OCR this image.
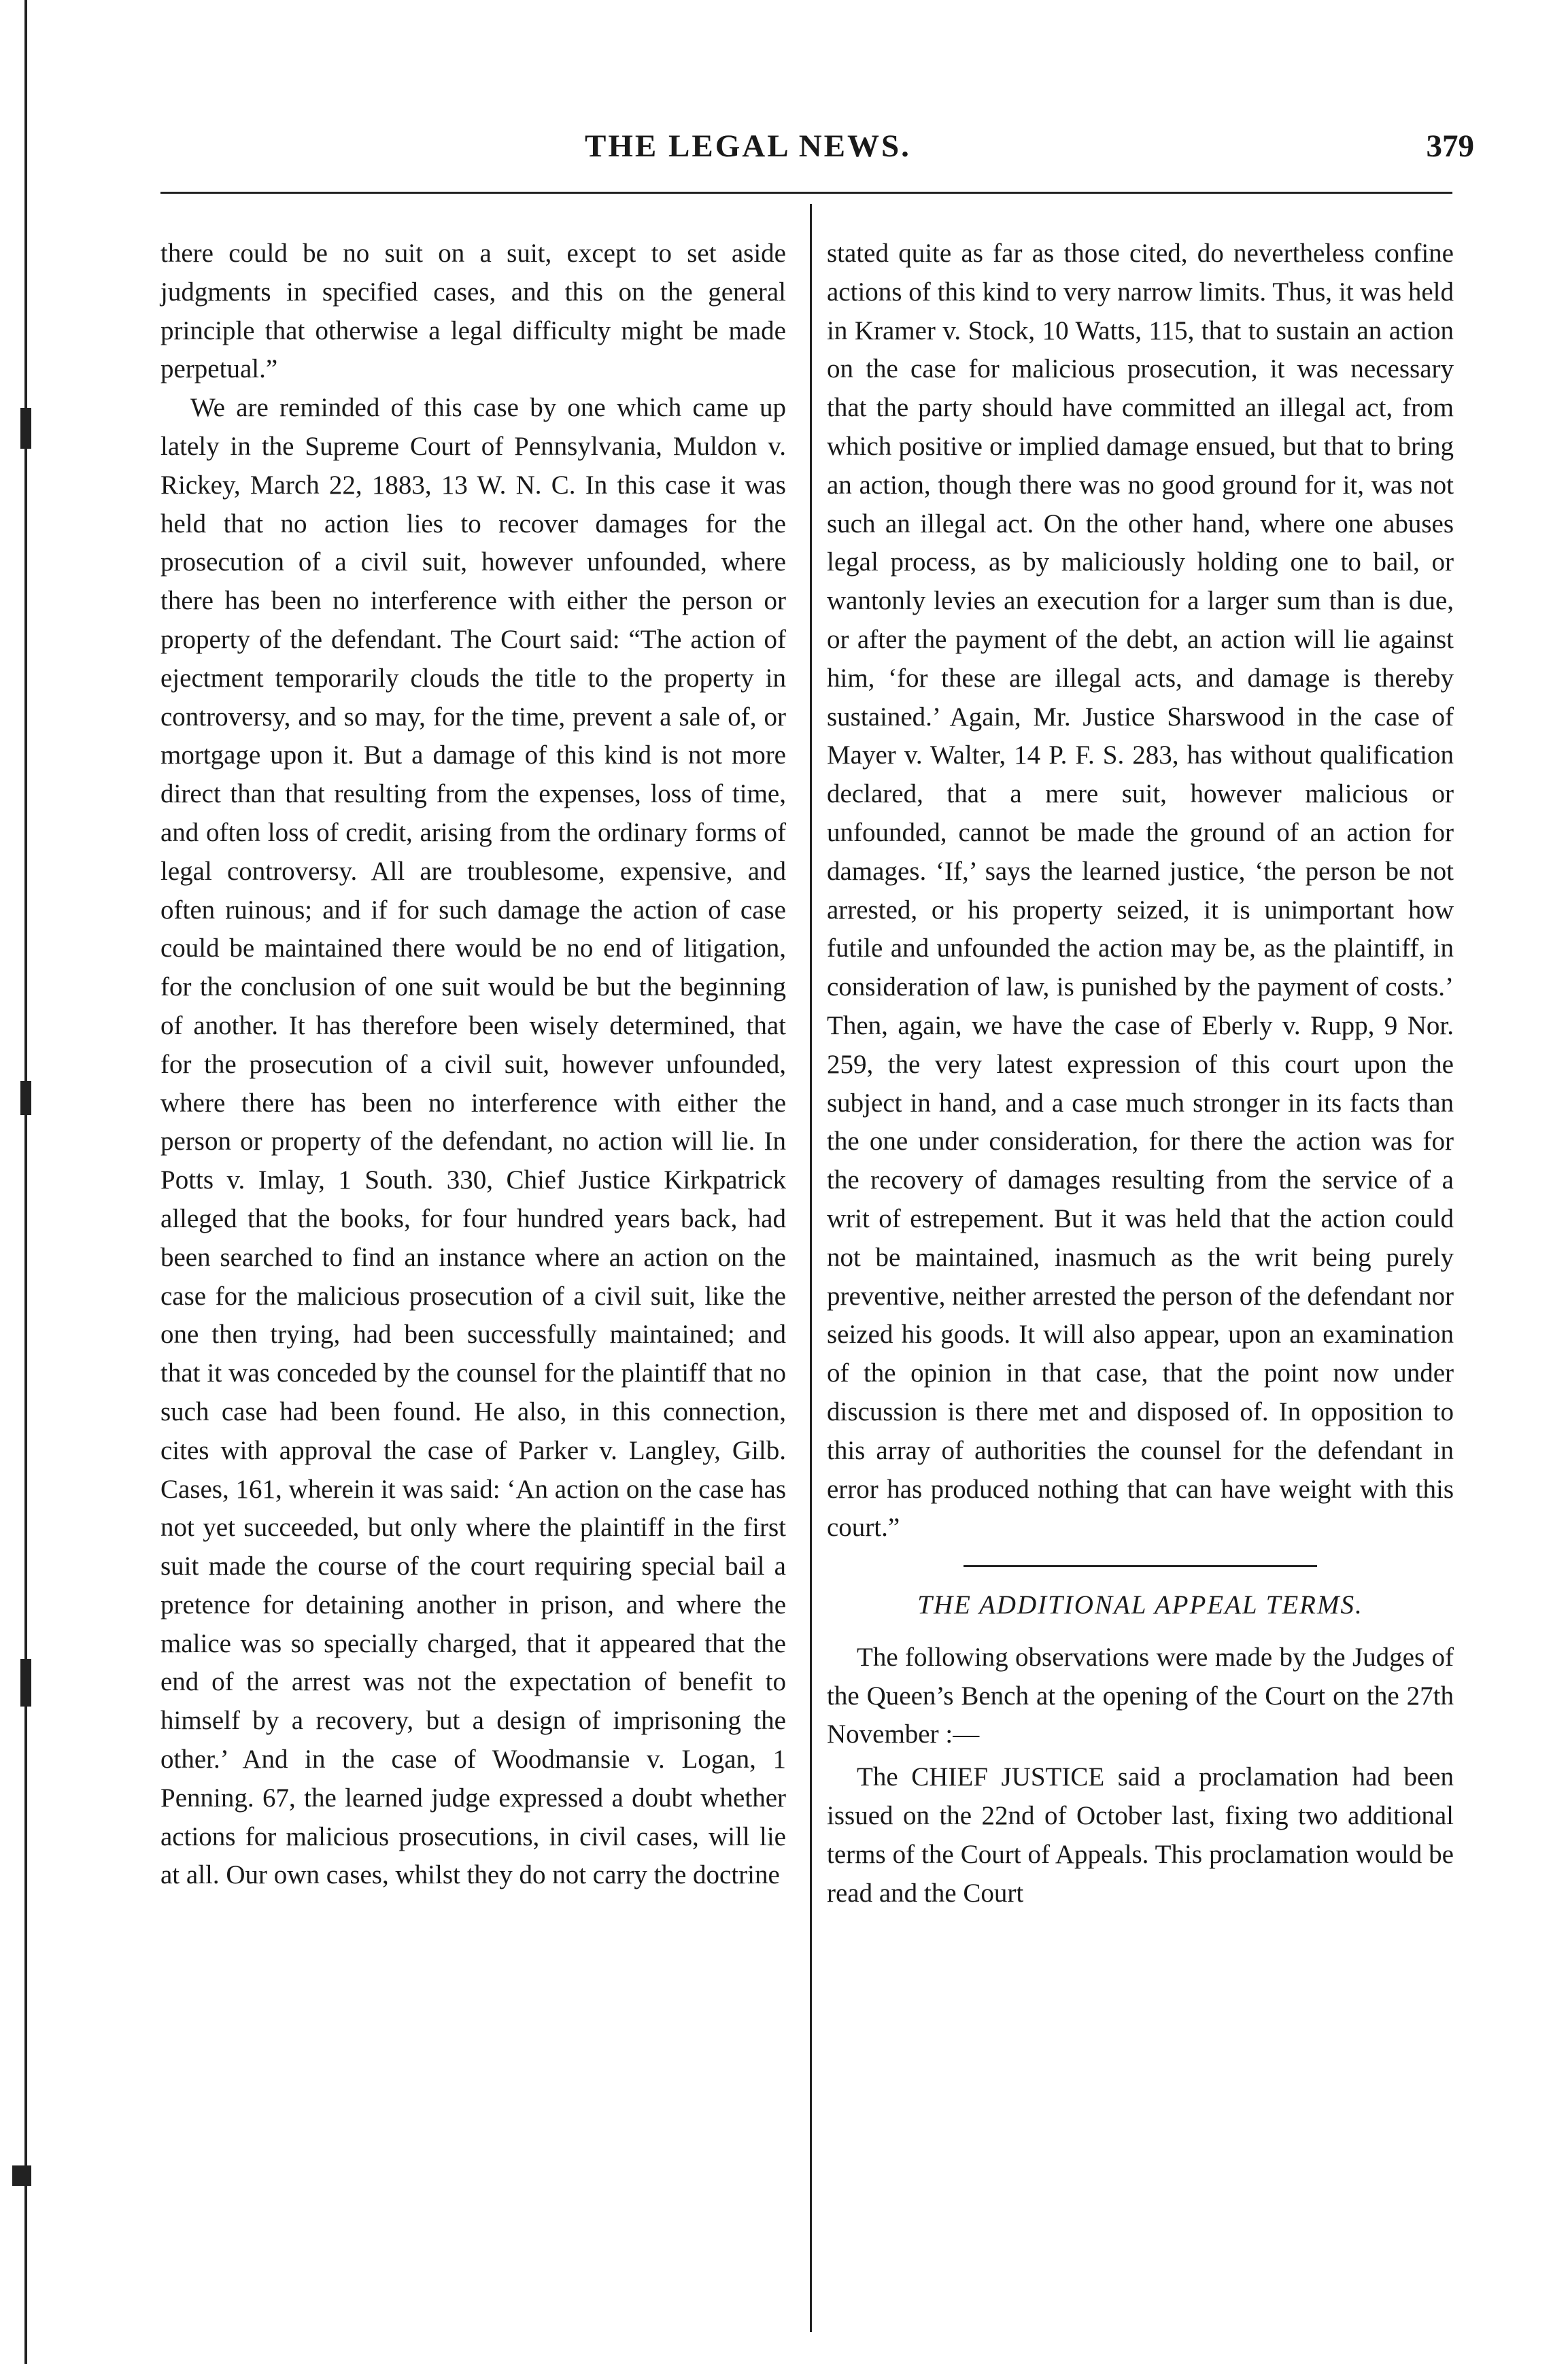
THE LEGAL NEWS.	379

there could be no suit on a suit, except to set aside judgments in specified cases, and this on the general principle that otherwise a legal difficulty might be made perpetual.”

We are reminded of this case by one which came up lately in the Supreme Court of Pennsylvania, Muldon v. Rickey, March 22, 1883, 13 W. N. C. In this case it was held that no action lies to recover damages for the prosecution of a civil suit, however unfounded, where there has been no interference with either the person or property of the defendant. The Court said: “The action of ejectment temporarily clouds the title to the property in controversy, and so may, for the time, prevent a sale of, or mortgage upon it. But a damage of this kind is not more direct than that resulting from the expenses, loss of time, and often loss of credit, arising from the ordinary forms of legal controversy. All are troublesome, expensive, and often ruinous; and if for such damage the action of case could be maintained there would be no end of litigation, for the conclusion of one suit would be but the beginning of another. It has therefore been wisely determined, that for the prosecution of a civil suit, however unfounded, where there has been no interference with either the person or property of the defendant, no action will lie. In Potts v. Imlay, 1 South. 330, Chief Justice Kirkpatrick alleged that the books, for four hundred years back, had been searched to find an instance where an action on the case for the malicious prosecution of a civil suit, like the one then trying, had been successfully maintained; and that it was conceded by the counsel for the plaintiff that no such case had been found. He also, in this connection, cites with approval the case of Parker v. Langley, Gilb. Cases, 161, wherein it was said: ‘An action on the case has not yet succeeded, but only where the plaintiff in the first suit made the course of the court requiring special bail a pretence for detaining another in prison, and where the malice was so specially charged, that it appeared that the end of the arrest was not the expectation of benefit to himself by a recovery, but a design of imprisoning the other.’ And in the case of Woodmansie v. Logan, 1 Penning. 67, the learned judge expressed a doubt whether actions for malicious prosecutions, in civil cases, will lie at all. Our own cases, whilst they do not carry the doctrine

stated quite as far as those cited, do nevertheless confine actions of this kind to very narrow limits. Thus, it was held in Kramer v. Stock, 10 Watts, 115, that to sustain an action on the case for malicious prosecution, it was necessary that the party should have committed an illegal act, from which positive or implied damage ensued, but that to bring an action, though there was no good ground for it, was not such an illegal act. On the other hand, where one abuses legal process, as by maliciously holding one to bail, or wantonly levies an execution for a larger sum than is due, or after the payment of the debt, an action will lie against him, ‘for these are illegal acts, and damage is thereby sustained.’ Again, Mr. Justice Sharswood in the case of Mayer v. Walter, 14 P. F. S. 283, has without qualification declared, that a mere suit, however malicious or unfounded, cannot be made the ground of an action for damages. ‘If,’ says the learned justice, ‘the person be not arrested, or his property seized, it is unimportant how futile and unfounded the action may be, as the plaintiff, in consideration of law, is punished by the payment of costs.’ Then, again, we have the case of Eberly v. Rupp, 9 Nor. 259, the very latest expression of this court upon the subject in hand, and a case much stronger in its facts than the one under consideration, for there the action was for the recovery of damages resulting from the service of a writ of estrepement. But it was held that the action could not be maintained, inasmuch as the writ being purely preventive, neither arrested the person of the defendant nor seized his goods. It will also appear, upon an examination of the opinion in that case, that the point now under discussion is there met and disposed of. In opposition to this array of authorities the counsel for the defendant in error has produced nothing that can have weight with this court.”

THE ADDITIONAL APPEAL TERMS.

The following observations were made by the Judges of the Queen’s Bench at the opening of the Court on the 27th November :—

The CHIEF JUSTICE said a proclamation had been issued on the 22nd of October last, fixing two additional terms of the Court of Appeals. This proclamation would be read and the Court
